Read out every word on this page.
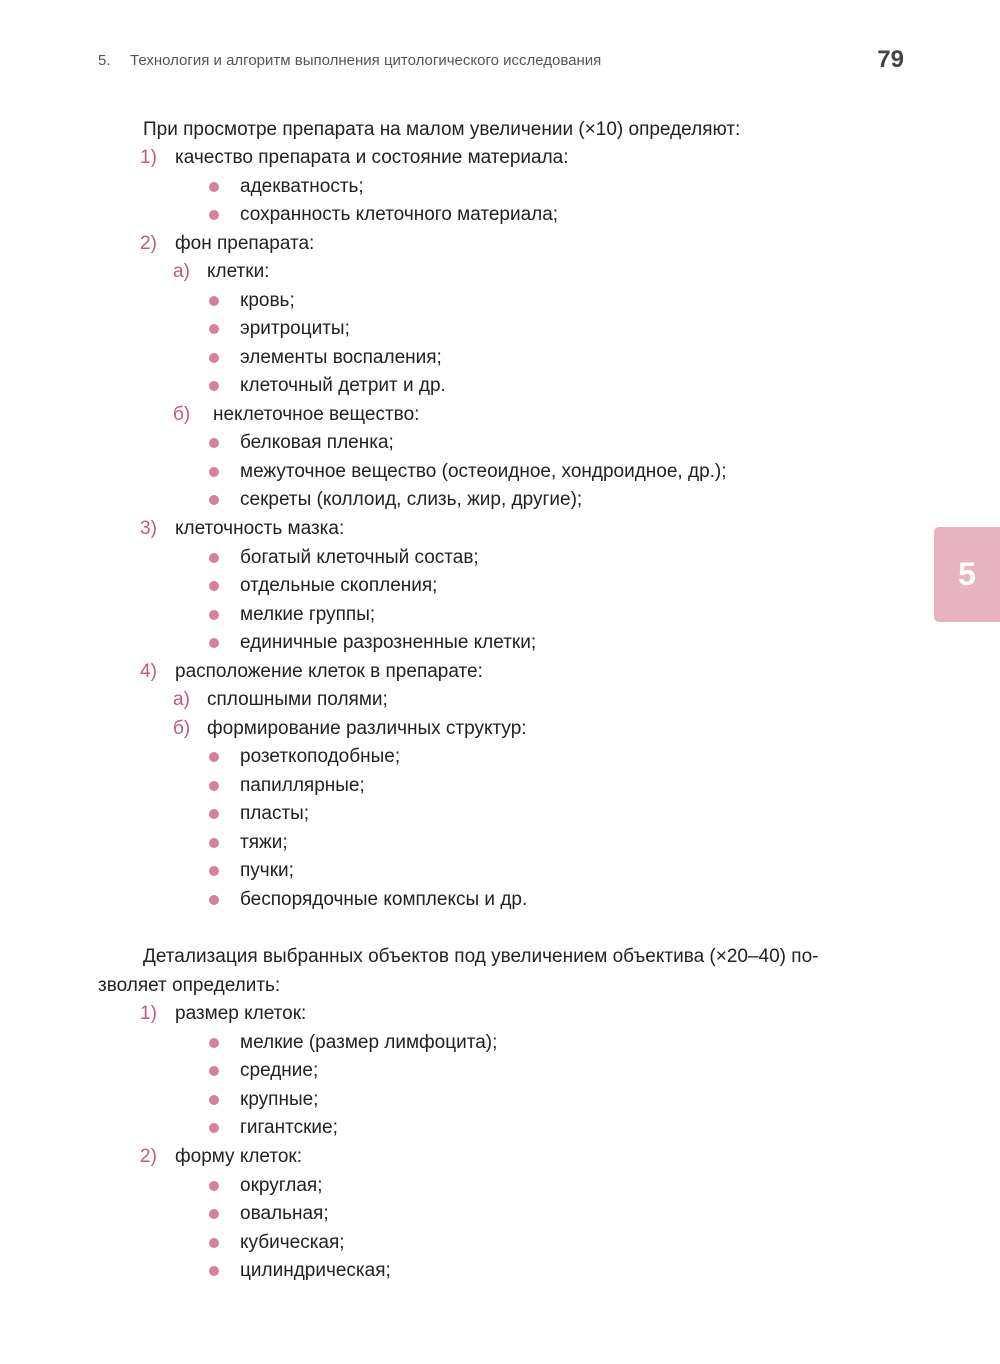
5. Технология и алгоритм выполнения цитологического исследования	79
5
При просмотре препарата на малом увеличении (×10) определяют:
1) качество препарата и состояние материала:
адекватность;
сохранность клеточного материала;
2) фон препарата:
а) клетки:
кровь;
эритроциты;
элементы воспаления;
клеточный детрит и др.
б) неклеточное вещество:
белковая пленка;
межуточное вещество (остеоидное, хондроидное, др.);
секреты (коллоид, слизь, жир, другие);
3) клеточность мазка:
богатый клеточный состав;
отдельные скопления;
мелкие группы;
единичные разрозненные клетки;
4) расположение клеток в препарате:
а) сплошными полями;
б) формирование различных структур:
розеткоподобные;
папиллярные;
пласты;
тяжи;
пучки;
беспорядочные комплексы и др.
Детализация выбранных объектов под увеличением объектива (×20–40) по-
зволяет определить:
1) размер клеток:
мелкие (размер лимфоцита);
средние;
крупные;
гигантские;
2) форму клеток:
округлая;
овальная;
кубическая;
цилиндрическая;
